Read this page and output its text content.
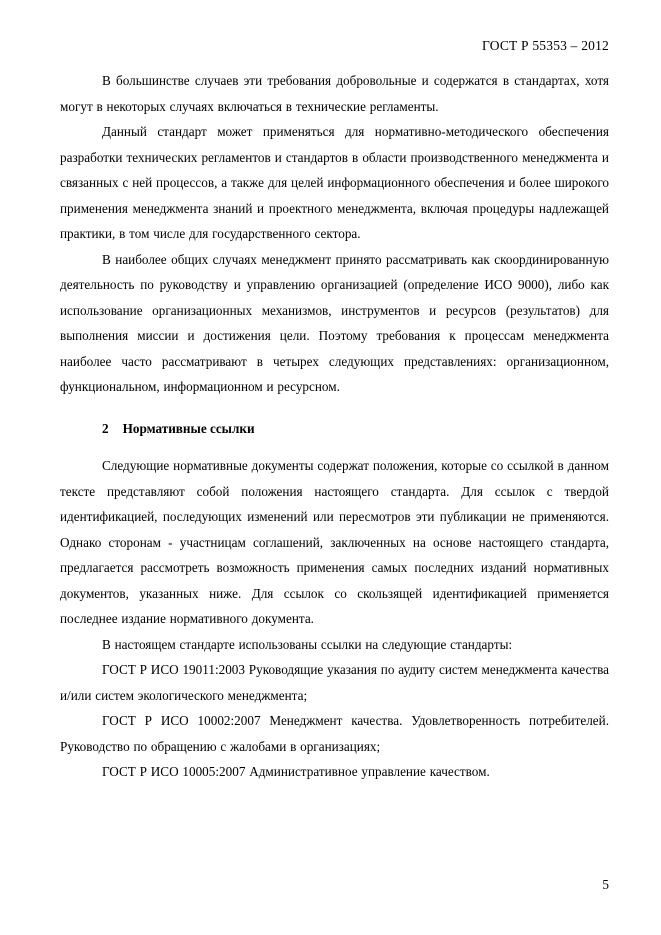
ГОСТ Р 55353 – 2012

В большинстве случаев эти требования добровольные и содержатся в стандартах, хотя могут в некоторых случаях включаться в технические регламенты.

Данный стандарт может применяться для нормативно-методического обеспечения разработки технических регламентов и стандартов в области производственного менеджмента и связанных с ней процессов, а также для целей информационного обеспечения и более широкого применения менеджмента знаний и проектного менеджмента, включая процедуры надлежащей практики, в том числе для государственного сектора.

В наиболее общих случаях менеджмент принято рассматривать как скоординированную деятельность по руководству и управлению организацией (определение ИСО 9000), либо как использование организационных механизмов, инструментов и ресурсов (результатов) для выполнения миссии и достижения цели. Поэтому требования к процессам менеджмента наиболее часто рассматривают в четырех следующих представлениях: организационном, функциональном, информационном и ресурсном.

2 Нормативные ссылки

Следующие нормативные документы содержат положения, которые со ссылкой в данном тексте представляют собой положения настоящего стандарта. Для ссылок с твердой идентификацией, последующих изменений или пересмотров эти публикации не применяются. Однако сторонам - участницам соглашений, заключенных на основе настоящего стандарта, предлагается рассмотреть возможность применения самых последних изданий нормативных документов, указанных ниже. Для ссылок со скользящей идентификацией применяется последнее издание нормативного документа.

В настоящем стандарте использованы ссылки на следующие стандарты:

ГОСТ Р ИСО 19011:2003 Руководящие указания по аудиту систем менеджмента качества и/или систем экологического менеджмента;

ГОСТ Р ИСО 10002:2007 Менеджмент качества. Удовлетворенность потребителей. Руководство по обращению с жалобами в организациях;

ГОСТ Р ИСО 10005:2007 Административное управление качеством.

5
